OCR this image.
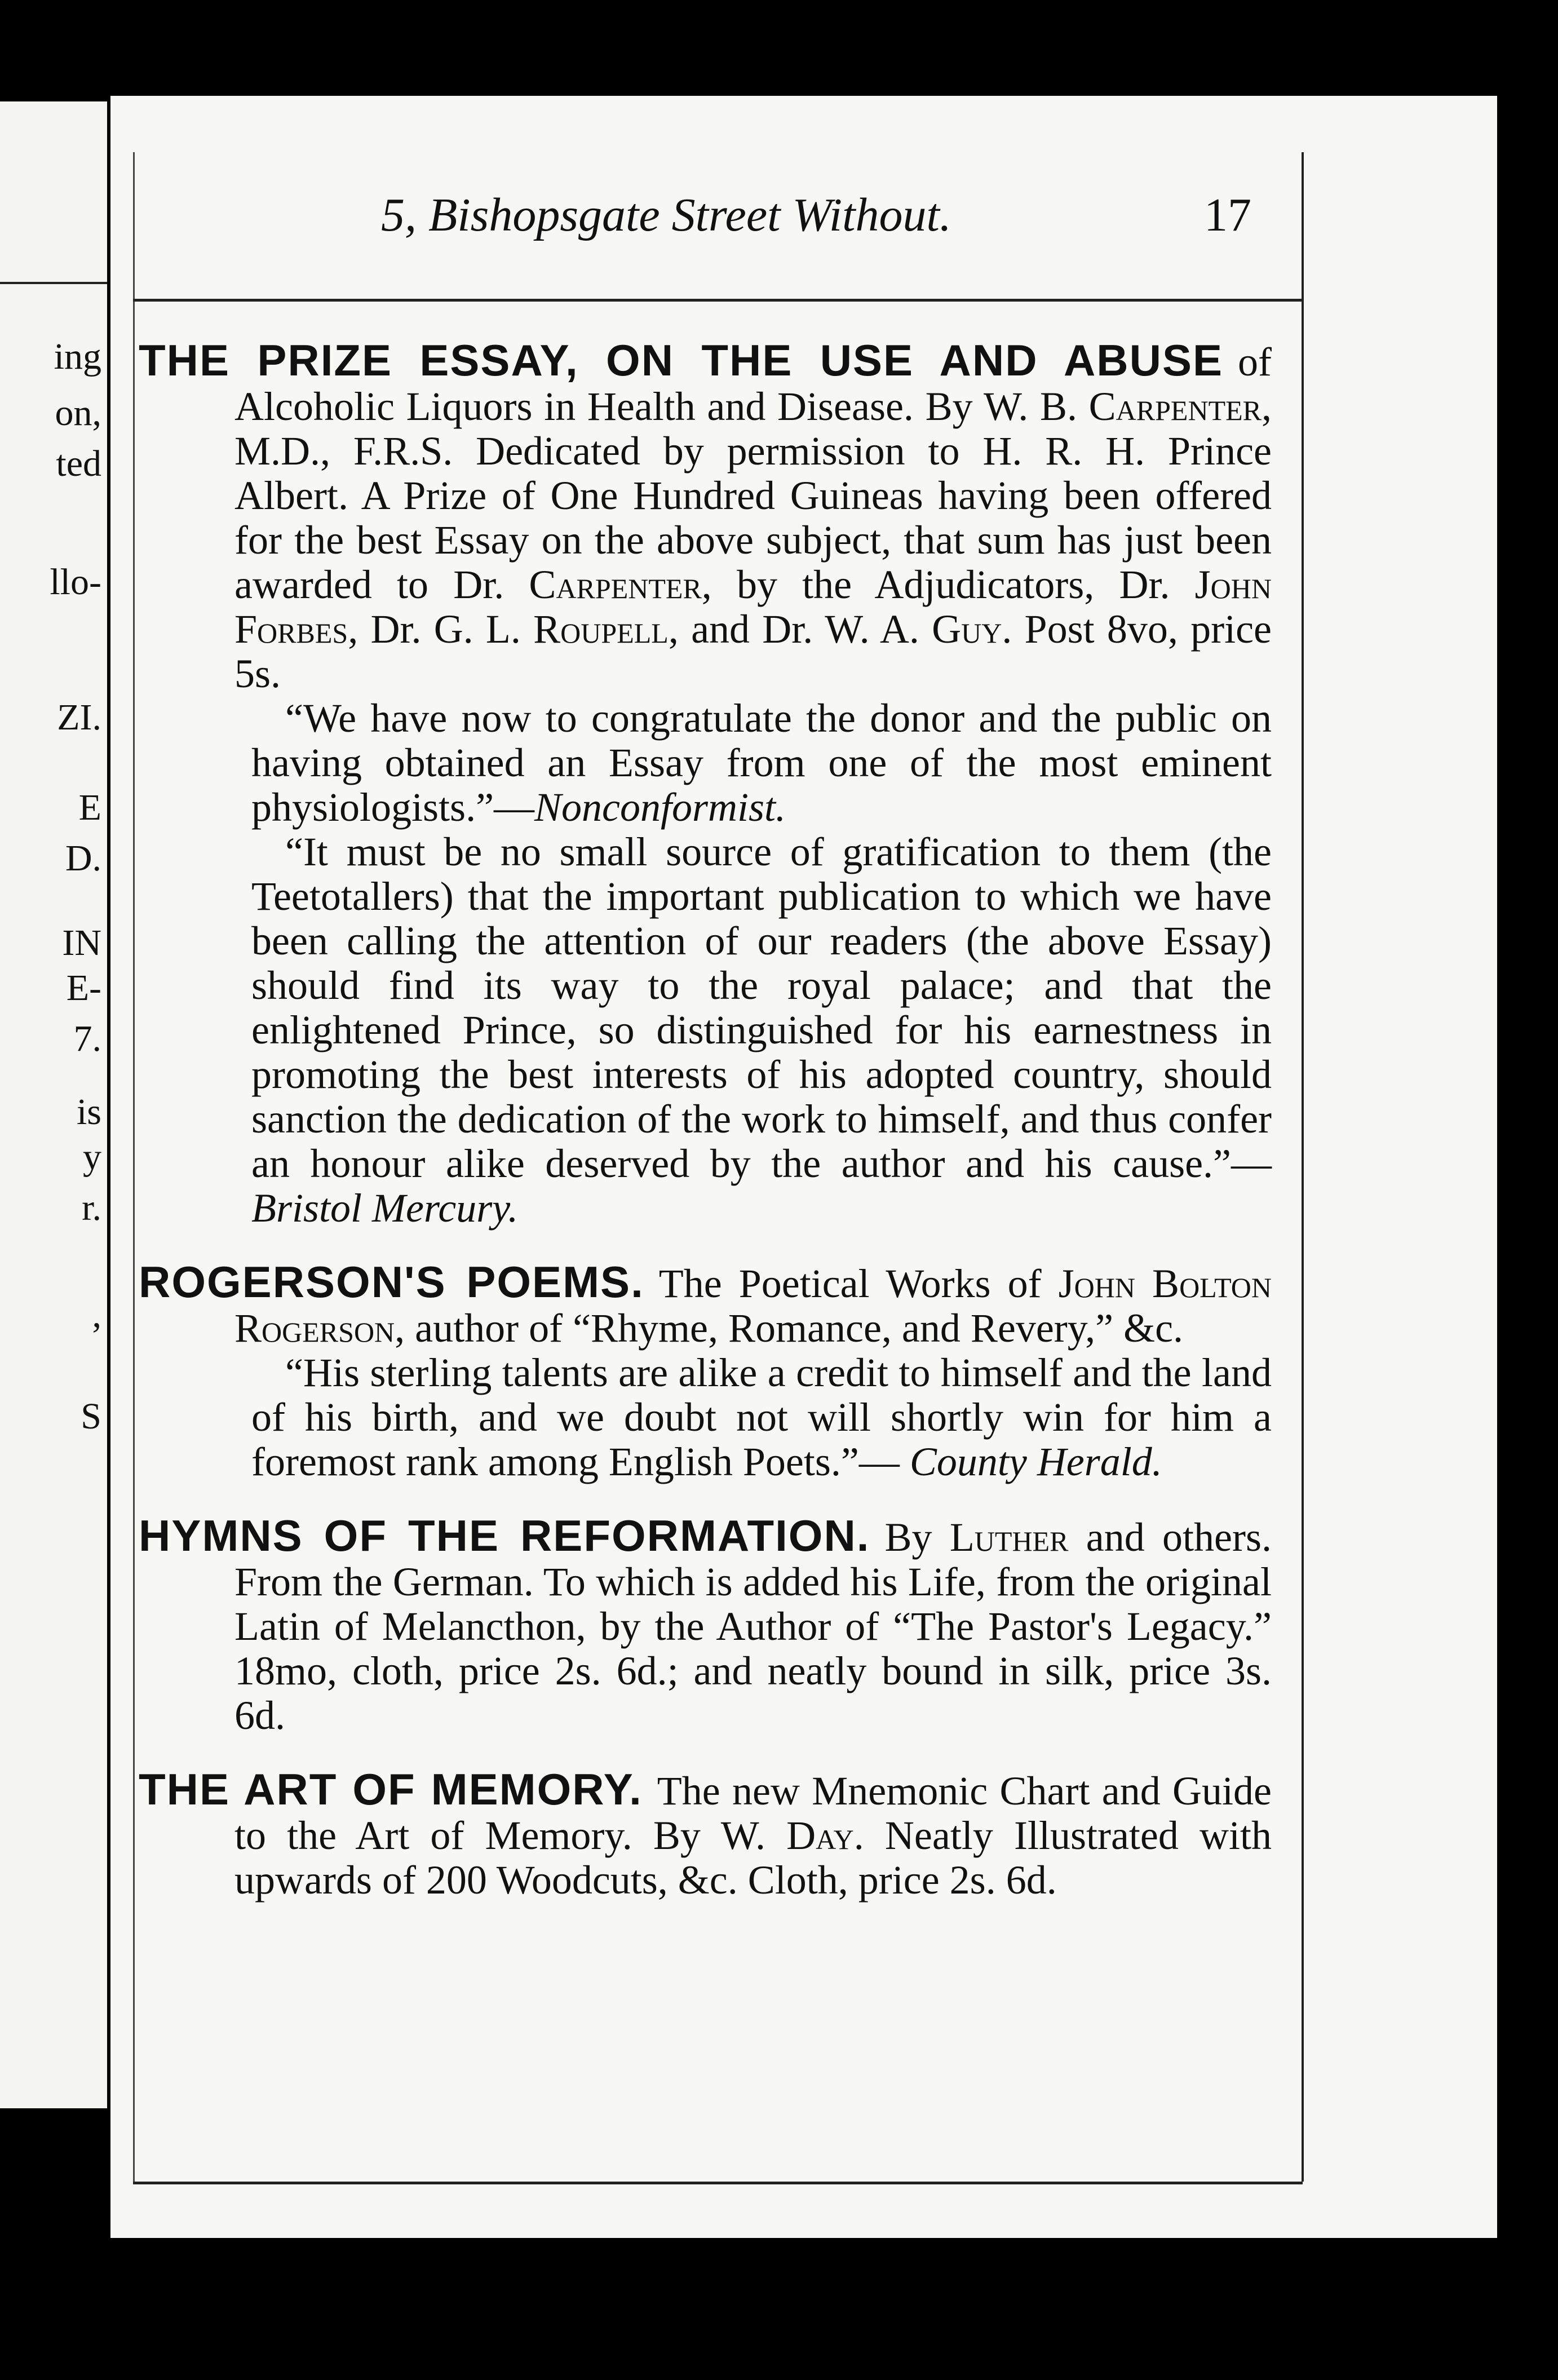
ing
on,
ted
llo-
ZI.
E
D.
IN
E-
7.
is
y
r.
,
S
5, Bishopsgate Street Without.	17

THE PRIZE ESSAY, ON THE USE AND ABUSE of Alcoholic Liquors in Health and Disease. By W. B. Carpenter, M.D., F.R.S. Dedicated by permission to H. R. H. Prince Albert. A Prize of One Hundred Guineas having been offered for the best Essay on the above subject, that sum has just been awarded to Dr. Carpenter, by the Adjudicators, Dr. John Forbes, Dr. G. L. Roupell, and Dr. W. A. Guy. Post 8vo, price 5s.

“We have now to congratulate the donor and the public on having obtained an Essay from one of the most eminent physiologists.”—Nonconformist.

“It must be no small source of gratification to them (the Teetotallers) that the important publication to which we have been calling the attention of our readers (the above Essay) should find its way to the royal palace; and that the enlightened Prince, so distinguished for his earnestness in promoting the best interests of his adopted country, should sanction the dedication of the work to himself, and thus confer an honour alike deserved by the author and his cause.”— Bristol Mercury.

ROGERSON'S POEMS. The Poetical Works of John Bolton Rogerson, author of “Rhyme, Romance, and Revery,” &c.

“His sterling talents are alike a credit to himself and the land of his birth, and we doubt not will shortly win for him a foremost rank among English Poets.”— County Herald.

HYMNS OF THE REFORMATION. By Luther and others. From the German. To which is added his Life, from the original Latin of Melancthon, by the Author of “The Pastor's Legacy.” 18mo, cloth, price 2s. 6d.; and neatly bound in silk, price 3s. 6d.

THE ART OF MEMORY. The new Mnemonic Chart and Guide to the Art of Memory. By W. Day. Neatly Illustrated with upwards of 200 Woodcuts, &c. Cloth, price 2s. 6d.
